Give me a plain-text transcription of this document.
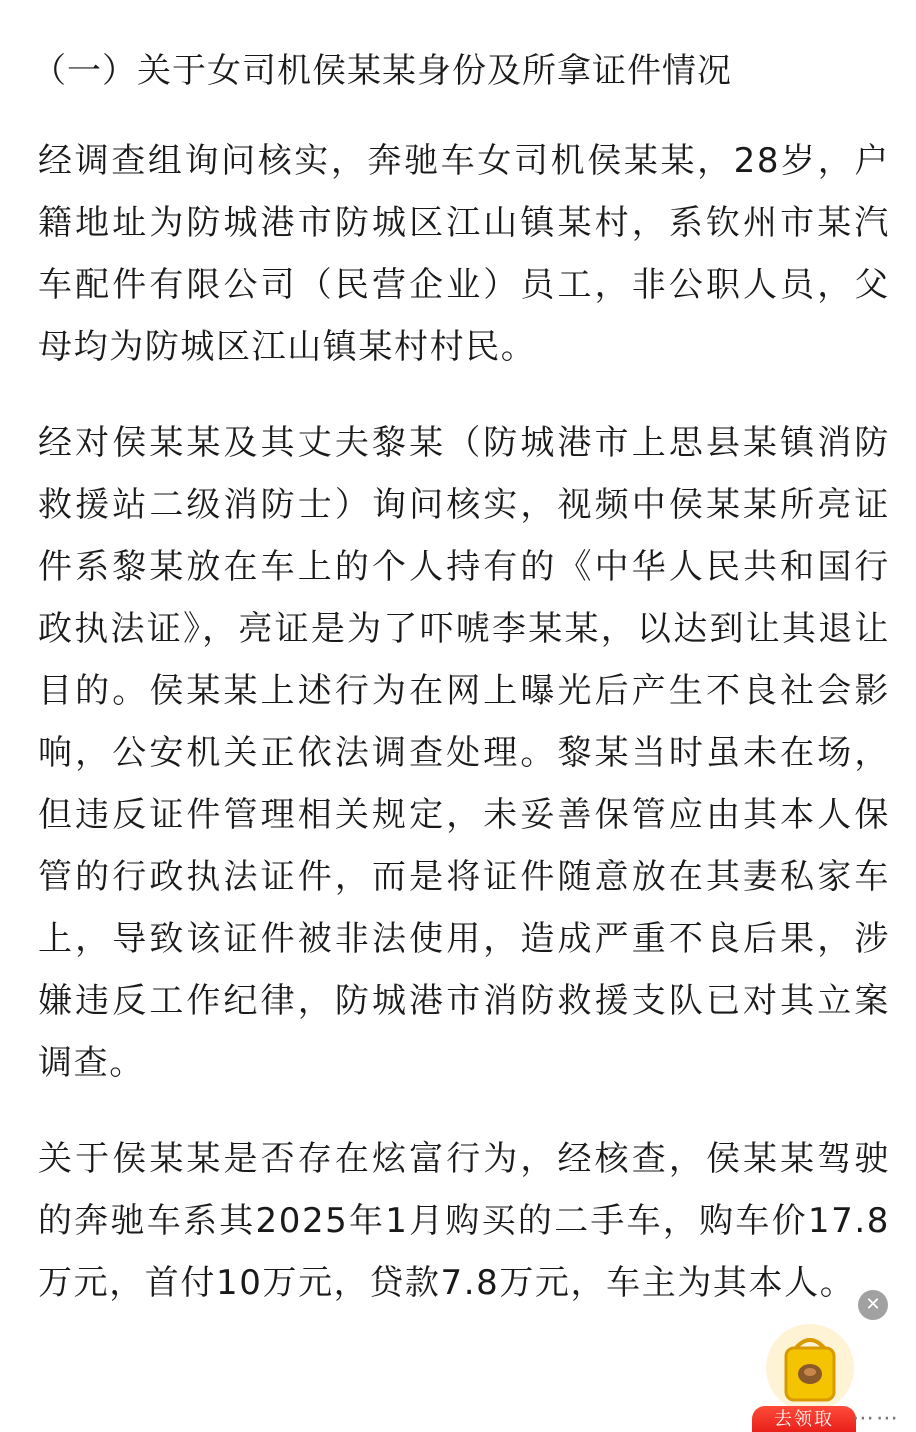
（一）关于女司机侯某某身份及所拿证件情况

经调查组询问核实，奔驰车女司机侯某某，28岁，户籍地址为防城港市防城区江山镇某村，系钦州市某汽车配件有限公司（民营企业）员工，非公职人员，父母均为防城区江山镇某村村民。

经对侯某某及其丈夫黎某（防城港市上思县某镇消防救援站二级消防士）询问核实，视频中侯某某所亮证件系黎某放在车上的个人持有的《中华人民共和国行政执法证》，亮证是为了吓唬李某某，以达到让其退让目的。侯某某上述行为在网上曝光后产生不良社会影响，公安机关正依法调查处理。黎某当时虽未在场，但违反证件管理相关规定，未妥善保管应由其本人保管的行政执法证件，而是将证件随意放在其妻私家车上，导致该证件被非法使用，造成严重不良后果，涉嫌违反工作纪律，防城港市消防救援支队已对其立案调查。

关于侯某某是否存在炫富行为，经核查，侯某某驾驶的奔驰车系其2025年1月购买的二手车，购车价17.8万元，首付10万元，贷款7.8万元，车主为其本人。

✕
去领取 ⋯⋯
